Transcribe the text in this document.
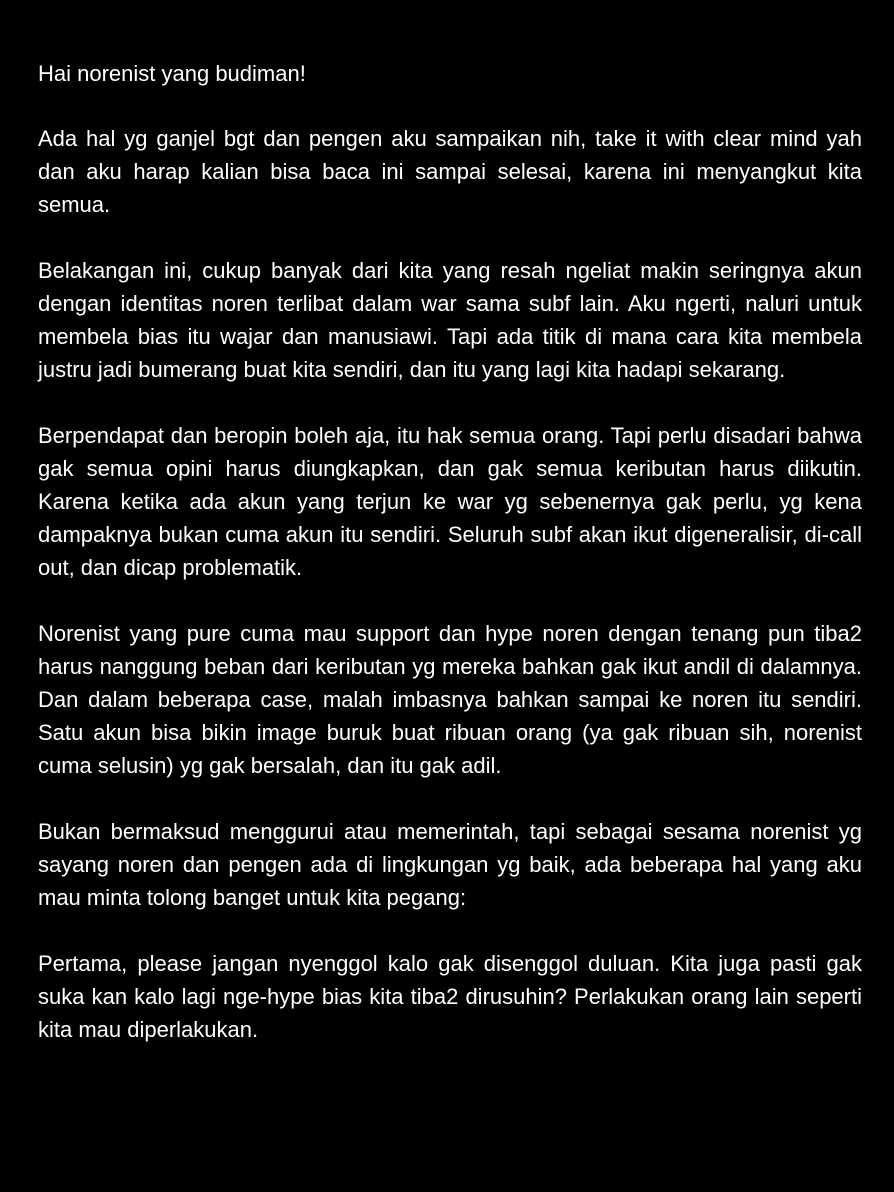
Hai norenist yang budiman!

Ada hal yg ganjel bgt dan pengen aku sampaikan nih, take it with clear mind yah dan aku harap kalian bisa baca ini sampai selesai, karena ini menyangkut kita semua.

Belakangan ini, cukup banyak dari kita yang resah ngeliat makin seringnya akun dengan identitas noren terlibat dalam war sama subf lain. Aku ngerti, naluri untuk membela bias itu wajar dan manusiawi. Tapi ada titik di mana cara kita membela justru jadi bumerang buat kita sendiri, dan itu yang lagi kita hadapi sekarang.

Berpendapat dan beropin boleh aja, itu hak semua orang. Tapi perlu disadari bahwa gak semua opini harus diungkapkan, dan gak semua keributan harus diikutin. Karena ketika ada akun yang terjun ke war yg sebenernya gak perlu, yg kena dampaknya bukan cuma akun itu sendiri. Seluruh subf akan ikut digeneralisir, di-call out, dan dicap problematik.

Norenist yang pure cuma mau support dan hype noren dengan tenang pun tiba2 harus nanggung beban dari keributan yg mereka bahkan gak ikut andil di dalamnya. Dan dalam beberapa case, malah imbasnya bahkan sampai ke noren itu sendiri. Satu akun bisa bikin image buruk buat ribuan orang (ya gak ribuan sih, norenist cuma selusin) yg gak bersalah, dan itu gak adil.

Bukan bermaksud menggurui atau memerintah, tapi sebagai sesama norenist yg sayang noren dan pengen ada di lingkungan yg baik, ada beberapa hal yang aku mau minta tolong banget untuk kita pegang:

Pertama, please jangan nyenggol kalo gak disenggol duluan. Kita juga pasti gak suka kan kalo lagi nge-hype bias kita tiba2 dirusuhin? Perlakukan orang lain seperti kita mau diperlakukan.
